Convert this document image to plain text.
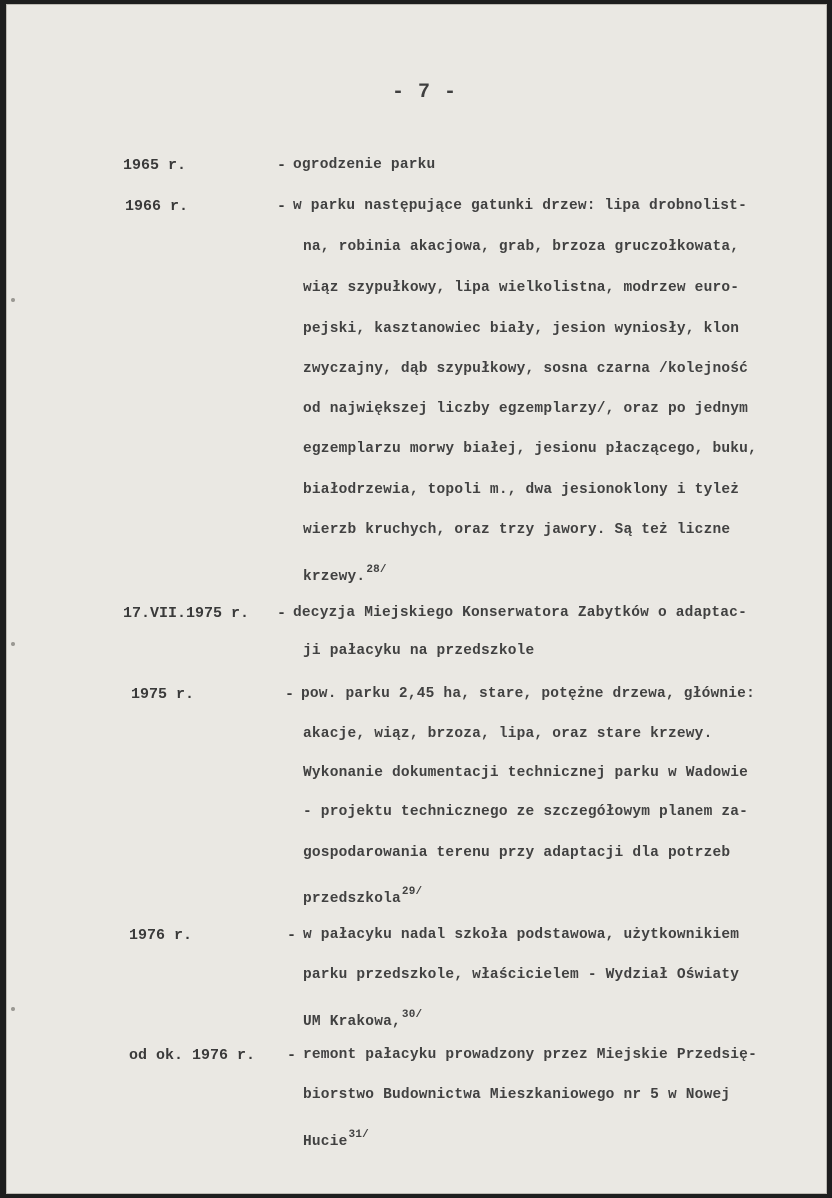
- 7 -
1965 r.	- ogrodzenie parku
1966 r.	- w parku następujące gatunki drzew: lipa drobnolist-
na, robinia akacjowa, grab, brzoza gruczołkowata,
wiąz szypułkowy, lipa wielkolistna, modrzew euro-
pejski, kasztanowiec biały, jesion wyniosły, klon
zwyczajny, dąb szypułkowy, sosna czarna /kolejność
od największej liczby egzemplarzy/, oraz po jednym
egzemplarzu morwy białej, jesionu płaczącego, buku,
białodrzewia, topoli m., dwa jesionoklony i tyleż
wierzb kruchych, oraz trzy jawory. Są też liczne
krzewy.$^{28/}$
17.VII.1975 r. - decyzja Miejskiego Konserwatora Zabytków o adaptac-
ji pałacyku na przedszkole
1975 r.	- pow. parku 2,45 ha, stare, potężne drzewa, głównie:
akacje, wiąz, brzoza, lipa, oraz stare krzewy.
Wykonanie dokumentacji technicznej parku w Wadowie
- projektu technicznego ze szczegółowym planem za-
gospodarowania terenu przy adaptacji dla potrzeb
przedszkola$^{29/}$
1976 r.	- w pałacyku nadal szkoła podstawowa, użytkownikiem
parku przedszkole, właścicielem - Wydział Oświaty
UM Krakowa,$^{30/}$
od ok. 1976 r. - remont pałacyku prowadzony przez Miejskie Przedsię-
biorstwo Budownictwa Mieszkaniowego nr 5 w Nowej
Hucie$^{31/}$
